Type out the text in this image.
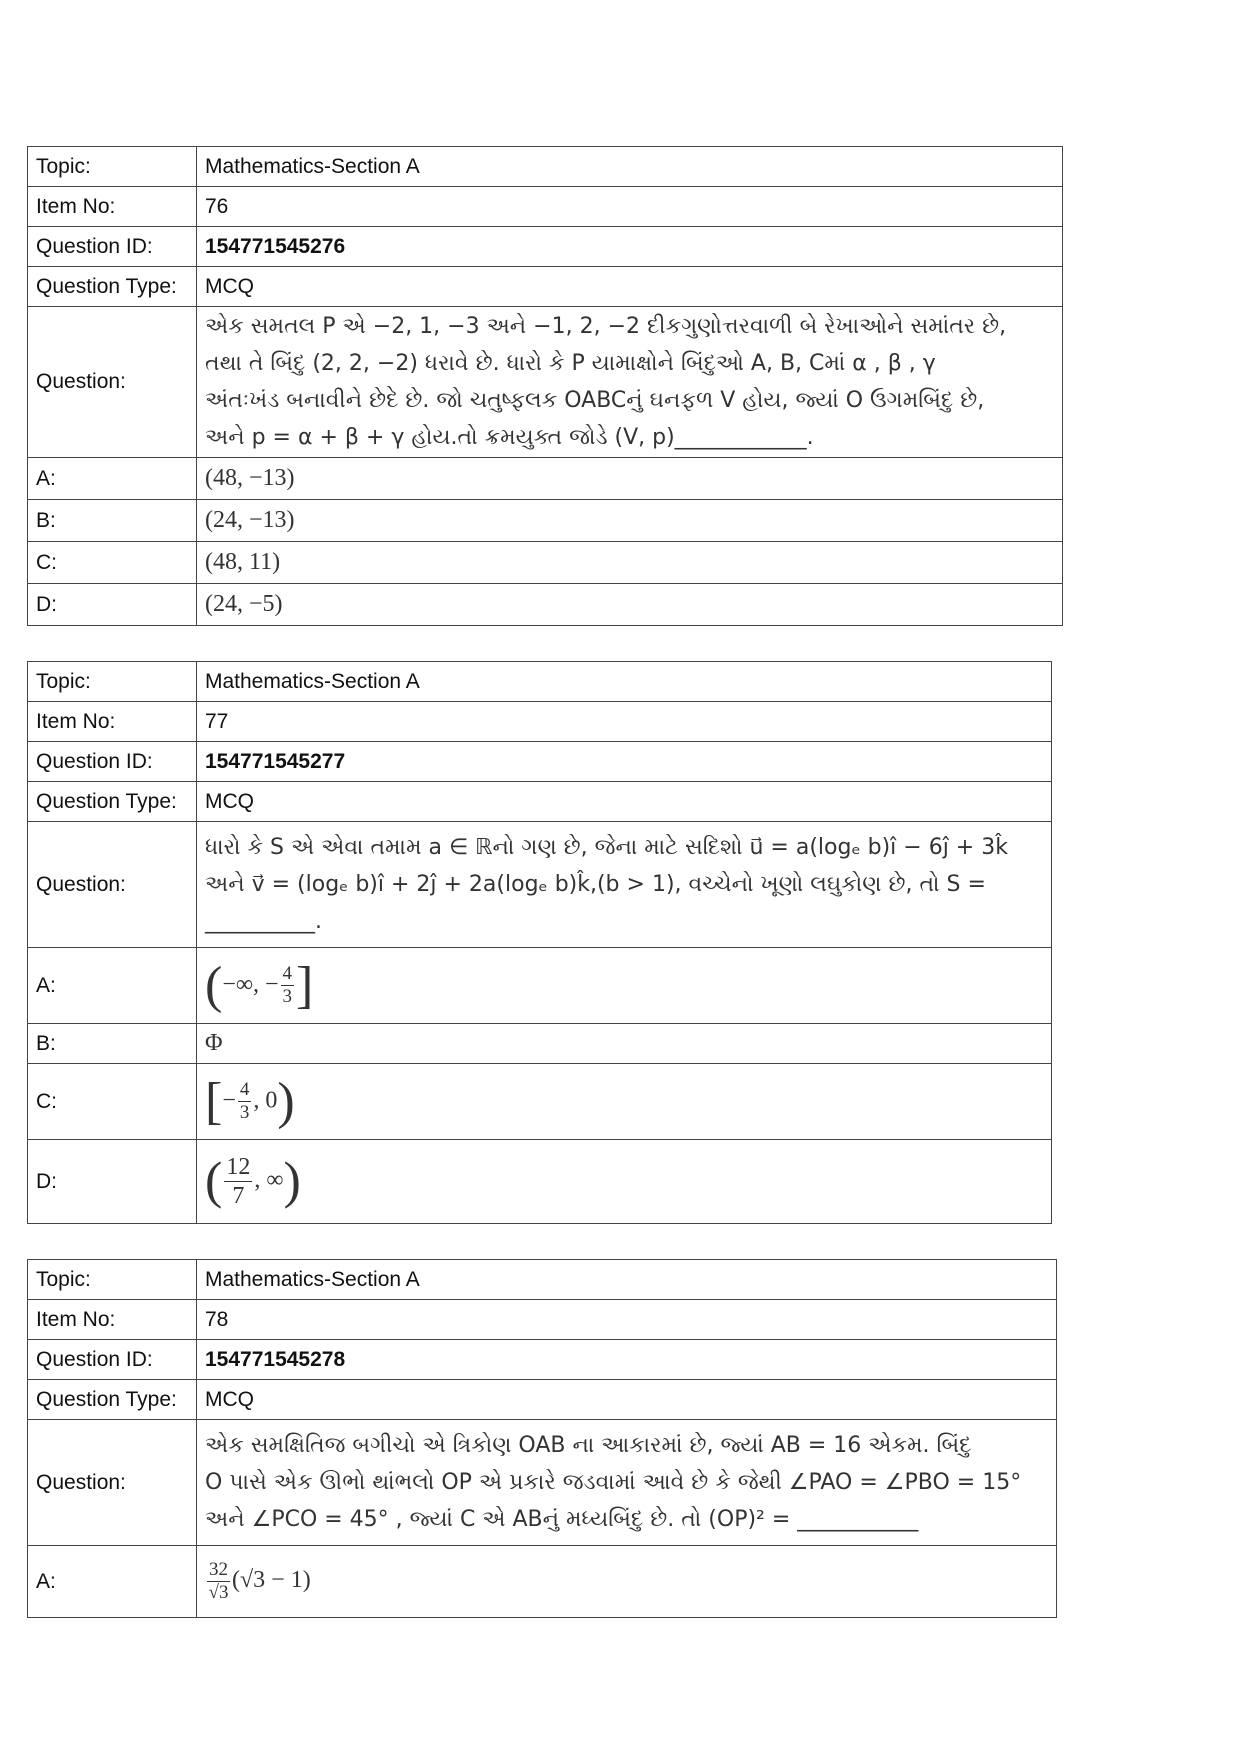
Topic:	Mathematics-Section A
Item No:	76
Question ID:	154771545276
Question Type:	MCQ
Question:	એક સમતલ P એ −2, 1, −3 અને −1, 2, −2 દીકગુણોત્તરવાળી બે રેખાઓને સમાંતર છે,
તથા તે બિંદુ (2, 2, −2) ધરાવે છે. ધારો કે P યામાક્ષોને બિંદુઓ A, B, Cમાં α , β , γ
અંતઃખંડ બનાવીને છેદે છે. જો ચતુષ્ફલક OABCનું ઘનફળ V હોય, જ્યાં O ઉગમબિંદુ છે,
અને p = α + β + γ હોય.તો ક્રમયુક્ત જોડે (V, p)____________.

A:	(48, −13)
B:	(24, −13)
C:	(48, 11)
D:	(24, −5)
Topic:	Mathematics-Section A
Item No:	77
Question ID:	154771545277
Question Type:	MCQ
Question:	ધારો કે S એ એવા તમામ a ∈ ℝનો ગણ છે, જેના માટે સદિશો u⃗ = a(logₑ b)î − 6ĵ + 3k̂
અને v⃗ = (logₑ b)î + 2ĵ + 2a(logₑ b)k̂,(b > 1), વચ્ચેનો ખૂણો લઘુકોણ છે, તો S =
__________.

A:	(−∞, − $\frac{4}{3}$ ]
B:	Φ
C:	[− $\frac{4}{3}$ , 0)
D:	( $\frac{12}{7}$ , ∞)
Topic:	Mathematics-Section A
Item No:	78
Question ID:	154771545278
Question Type:	MCQ
Question:	એક સમક્ષિતિજ બગીચો એ ત્રિકોણ OAB ના આકારમાં છે, જ્યાં AB = 16 એકમ. બિંદુ
O પાસે એક ઊભો થાંભલો OP એ પ્રકારે જડવામાં આવે છે કે જેથી ∠PAO = ∠PBO = 15°
અને ∠PCO = 45° , જ્યાં C એ ABનું મધ્યબિંદુ છે. તો (OP)² = ___________

A:	$\frac{32}{√3} (√3 - 1)$
